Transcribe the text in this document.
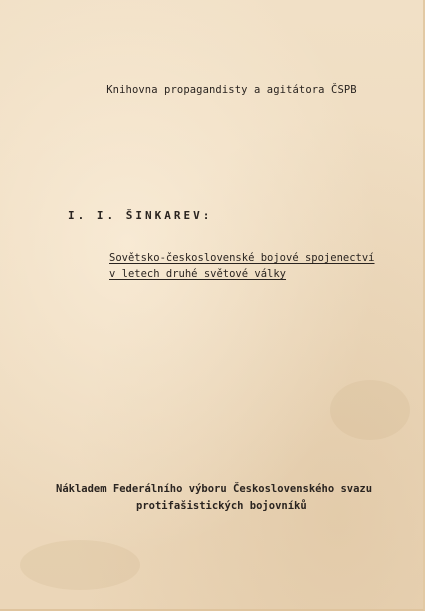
Knihovna propagandisty a agitátora ČSPB
I. I. ŠINKAREV:
Sovětsko-československé bojové spojenectví
v letech druhé světové války
Nákladem Federálního výboru Československého svazu
protifašistických bojovníků
